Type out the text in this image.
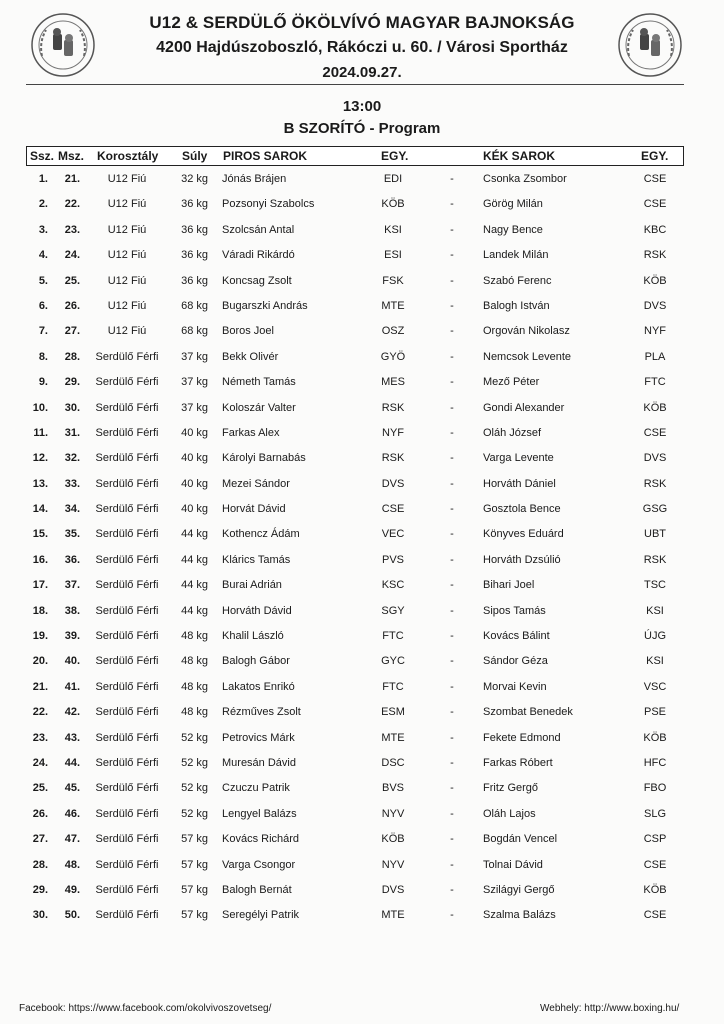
U12 & SERDÜLŐ ÖKÖLVÍVÓ MAGYAR BAJNOKSÁG
4200 Hajdúszoboszló, Rákóczi u. 60. / Városi Sportház
2024.09.27.
13:00
B SZORÍTÓ - Program
Ssz. Msz. Korosztály Súly PIROS SAROK	EGY.	KÉK SAROK	EGY.
1.	21.	U12 Fiú	32 kg Jónás Brájen	EDI	-	Csonka Zsombor	CSE
2.	22.	U12 Fiú	36 kg Pozsonyi Szabolcs	KÖB	-	Görög Milán	CSE
3.	23.	U12 Fiú	36 kg Szolcsán Antal	KSI	-	Nagy Bence	KBC
4.	24.	U12 Fiú	36 kg Váradi Rikárdó	ESI	-	Landek Milán	RSK
5.	25.	U12 Fiú	36 kg Koncsag Zsolt	FSK	-	Szabó Ferenc	KÖB
6.	26.	U12 Fiú	68 kg Bugarszki András	MTE	-	Balogh István	DVS
7.	27.	U12 Fiú	68 kg Boros Joel	OSZ	-	Orgován Nikolasz	NYF
8.	28.	Serdülő Férfi	37 kg Bekk Olivér	GYÖ	-	Nemcsok Levente	PLA
9.	29.	Serdülő Férfi	37 kg Németh Tamás	MES	-	Mező Péter	FTC
10.	30.	Serdülő Férfi	37 kg Koloszár Valter	RSK	-	Gondi Alexander	KÖB
11.	31.	Serdülő Férfi	40 kg Farkas Alex	NYF	-	Oláh József	CSE
12.	32.	Serdülő Férfi	40 kg Károlyi Barnabás	RSK	-	Varga Levente	DVS
13.	33.	Serdülő Férfi	40 kg Mezei Sándor	DVS	-	Horváth Dániel	RSK
14.	34.	Serdülő Férfi	40 kg Horvát Dávid	CSE	-	Gosztola Bence	GSG
15.	35.	Serdülő Férfi	44 kg Kothencz Ádám	VEC	-	Könyves Eduárd	UBT
16.	36.	Serdülő Férfi	44 kg Klárics Tamás	PVS	-	Horváth Dzsúlió	RSK
17.	37.	Serdülő Férfi	44 kg Burai Adrián	KSC	-	Bihari Joel	TSC
18.	38.	Serdülő Férfi	44 kg Horváth Dávid	SGY	-	Sipos Tamás	KSI
19.	39.	Serdülő Férfi	48 kg Khalil László	FTC	-	Kovács Bálint	ÚJG
20.	40.	Serdülő Férfi	48 kg Balogh Gábor	GYC	-	Sándor Géza	KSI
21.	41.	Serdülő Férfi	48 kg Lakatos Enrikó	FTC	-	Morvai Kevin	VSC
22.	42.	Serdülő Férfi	48 kg Rézműves Zsolt	ESM	-	Szombat Benedek	PSE
23.	43.	Serdülő Férfi	52 kg Petrovics Márk	MTE	-	Fekete Edmond	KÖB
24.	44.	Serdülő Férfi	52 kg Muresán Dávid	DSC	-	Farkas Róbert	HFC
25.	45.	Serdülő Férfi	52 kg Czuczu Patrik	BVS	-	Fritz Gergő	FBO
26.	46.	Serdülő Férfi	52 kg Lengyel Balázs	NYV	-	Oláh Lajos	SLG
27.	47.	Serdülő Férfi	57 kg Kovács Richárd	KÖB	-	Bogdán Vencel	CSP
28.	48.	Serdülő Férfi	57 kg Varga Csongor	NYV	-	Tolnai Dávid	CSE
29.	49.	Serdülő Férfi	57 kg Balogh Bernát	DVS	-	Szilágyi Gergő	KÖB
30.	50.	Serdülő Férfi	57 kg Seregélyi Patrik	MTE	-	Szalma Balázs	CSE
Facebook: https://www.facebook.com/okolvivoszovetseg/	Webhely: http://www.boxing.hu/
